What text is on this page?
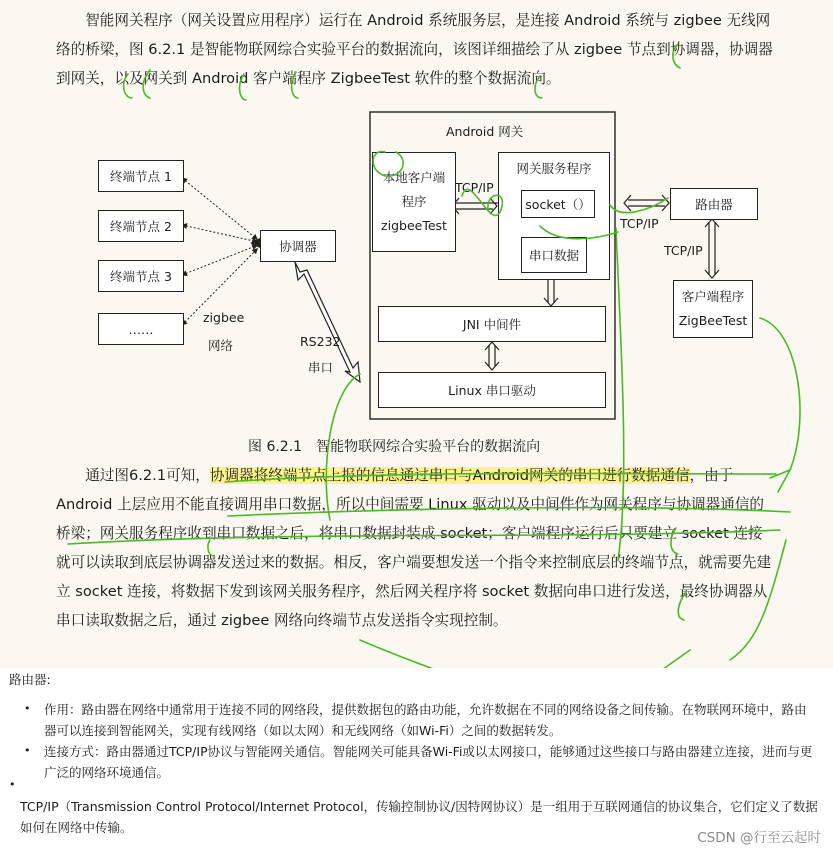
智能网关程序（网关设置应用程序）运行在 Android 系统服务层，是连接 Android 系统与 zigbee 无线网络的桥梁，图 6.2.1 是智能物联网综合实验平台的数据流向，该图详细描绘了从 zigbee 节点到协调器，协调器到网关，以及网关到 Android 客户端程序 ZigbeeTest 软件的整个数据流向。

终端节点 1
终端节点 2
终端节点 3
……
协调器
zigbee
网络	RS232
串口
Android 网关
本地客户端
程序
zigbeeTest
TCP/IP
网关服务程序
socket（）
串口数据
JNI 中间件
Linux 串口驱动
TCP/IP
路由器
TCP/IP
客户端程序
ZigBeeTest
图 6.2.1　智能物联网综合实验平台的数据流向

通过图6.2.1可知，协调器将终端节点上报的信息通过串口与Android网关的串口进行数据通信，由于 Android 上层应用不能直接调用串口数据，所以中间需要 Linux 驱动以及中间件作为网关程序与协调器通信的桥梁；网关服务程序收到串口数据之后，将串口数据封装成 socket；客户端程序运行后只要建立 socket 连接就可以读取到底层协调器发送过来的数据。相反，客户端要想发送一个指令来控制底层的终端节点，就需要先建立 socket 连接，将数据下发到该网关服务程序，然后网关程序将 socket 数据向串口进行发送，最终协调器从串口读取数据之后，通过 zigbee 网络向终端节点发送指令实现控制。

路由器:
• 作用：路由器在网络中通常用于连接不同的网络段，提供数据包的路由功能，允许数据在不同的网络设备之间传输。在物联网环境中，路由器可以连接到智能网关，实现有线网络（如以太网）和无线网络（如Wi-Fi）之间的数据转发。
• 连接方式：路由器通过TCP/IP协议与智能网关通信。智能网关可能具备Wi-Fi或以太网接口，能够通过这些接口与路由器建立连接，进而与更广泛的网络环境通信。
•
TCP/IP（Transmission Control Protocol/Internet Protocol，传输控制协议/因特网协议）是一组用于互联网通信的协议集合，它们定义了数据如何在网络中传输。
CSDN @行至云起时
